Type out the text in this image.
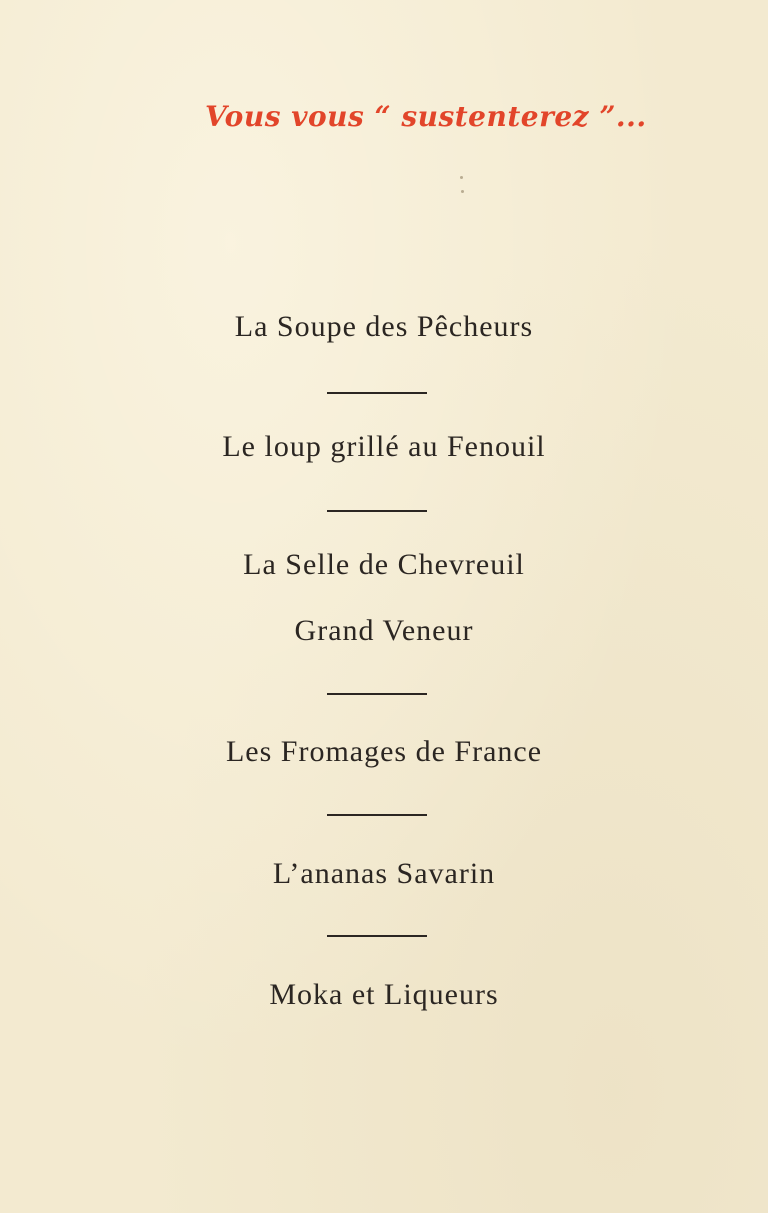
Vous vous “ sustenterez ”...
La Soupe des Pêcheurs
Le loup grillé au Fenouil
La Selle de Chevreuil
Grand Veneur
Les Fromages de France
L’ananas Savarin
Moka et Liqueurs
